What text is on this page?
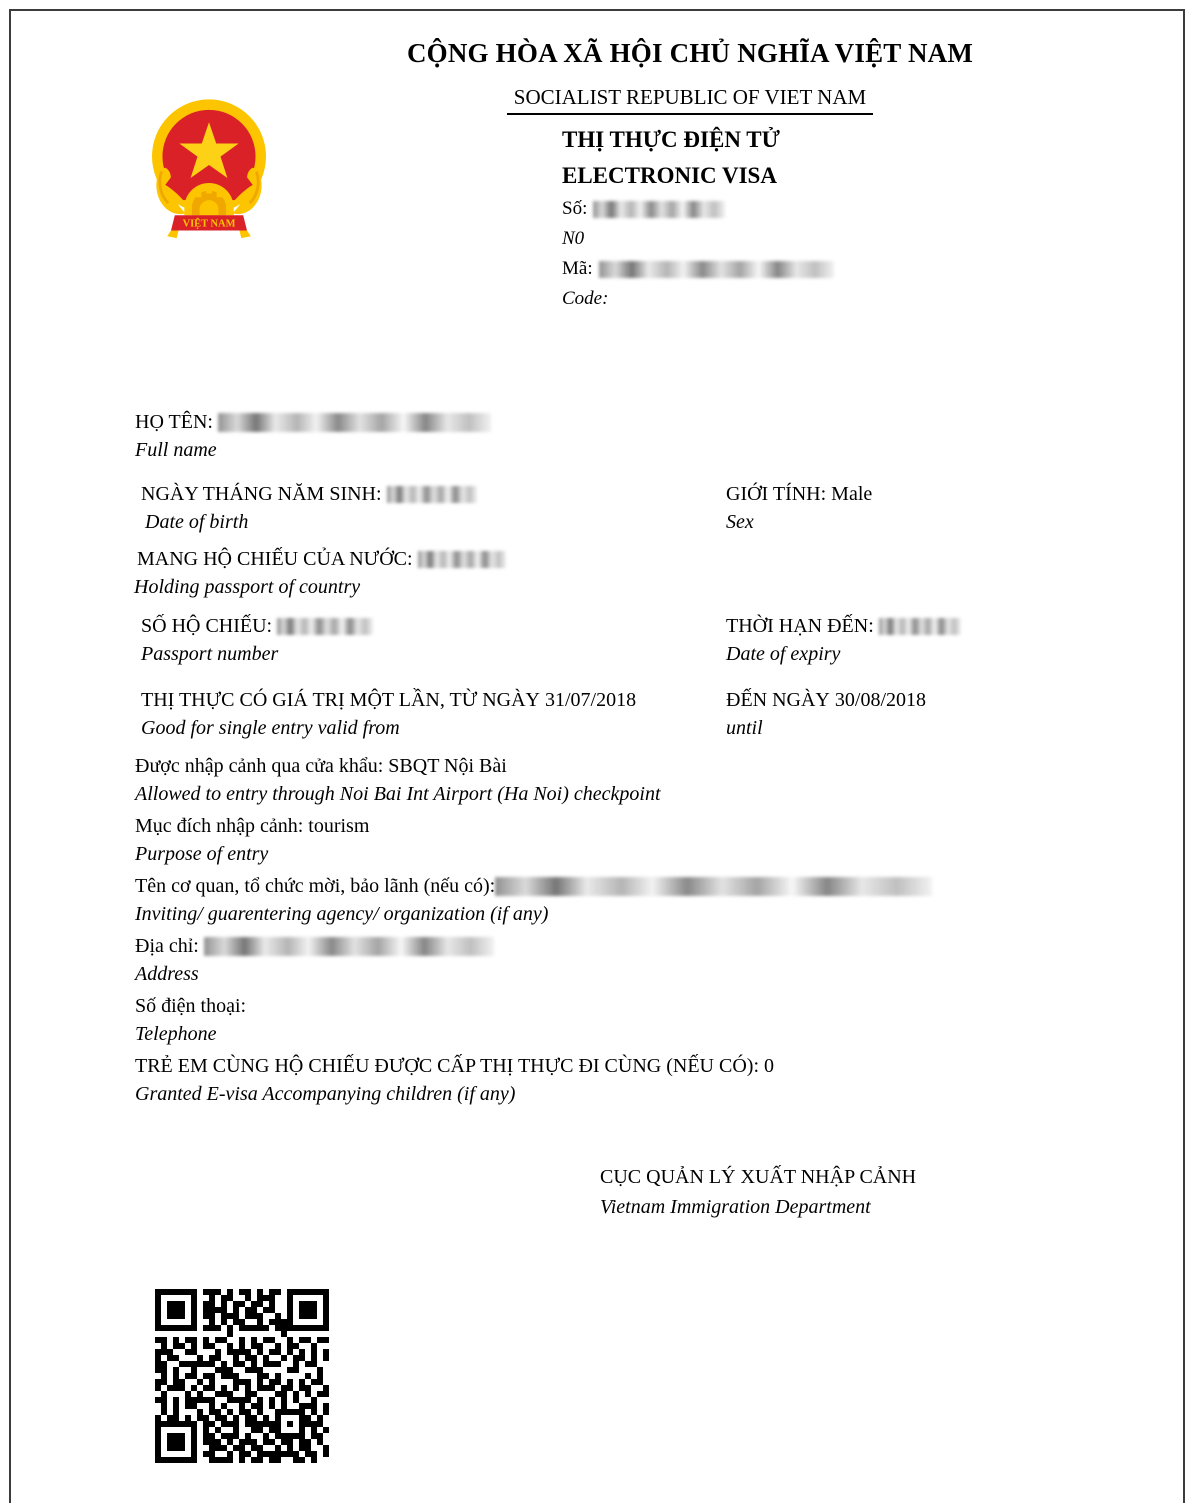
CỘNG HÒA XÃ HỘI CHỦ NGHĨA VIỆT NAM
SOCIALIST REPUBLIC OF VIET NAM
VIỆT NAM
THỊ THỰC ĐIỆN TỬ
ELECTRONIC VISA
Số:
N0
Mã:
Code:
HỌ TÊN:
Full name
NGÀY THÁNG NĂM SINH:
Date of birth
GIỚI TÍNH: Male
Sex
MANG HỘ CHIẾU CỦA NƯỚC:
Holding passport of country
SỐ HỘ CHIẾU:
Passport number
THỜI HẠN ĐẾN:
Date of expiry
THỊ THỰC CÓ GIÁ TRỊ MỘT LẦN, TỪ NGÀY 31/07/2018
Good for single entry valid from
ĐẾN NGÀY 30/08/2018
until
Được nhập cảnh qua cửa khẩu: SBQT Nội Bài
Allowed to entry through Noi Bai Int Airport (Ha Noi) checkpoint
Mục đích nhập cảnh: tourism
Purpose of entry
Tên cơ quan, tổ chức mời, bảo lãnh (nếu có):
Inviting/ guarentering agency/ organization (if any)
Địa chỉ:
Address
Số điện thoại:
Telephone
TRẺ EM CÙNG HỘ CHIẾU ĐƯỢC CẤP THỊ THỰC ĐI CÙNG (NẾU CÓ): 0
Granted E-visa Accompanying children (if any)
CỤC QUẢN LÝ XUẤT NHẬP CẢNH
Vietnam Immigration Department
